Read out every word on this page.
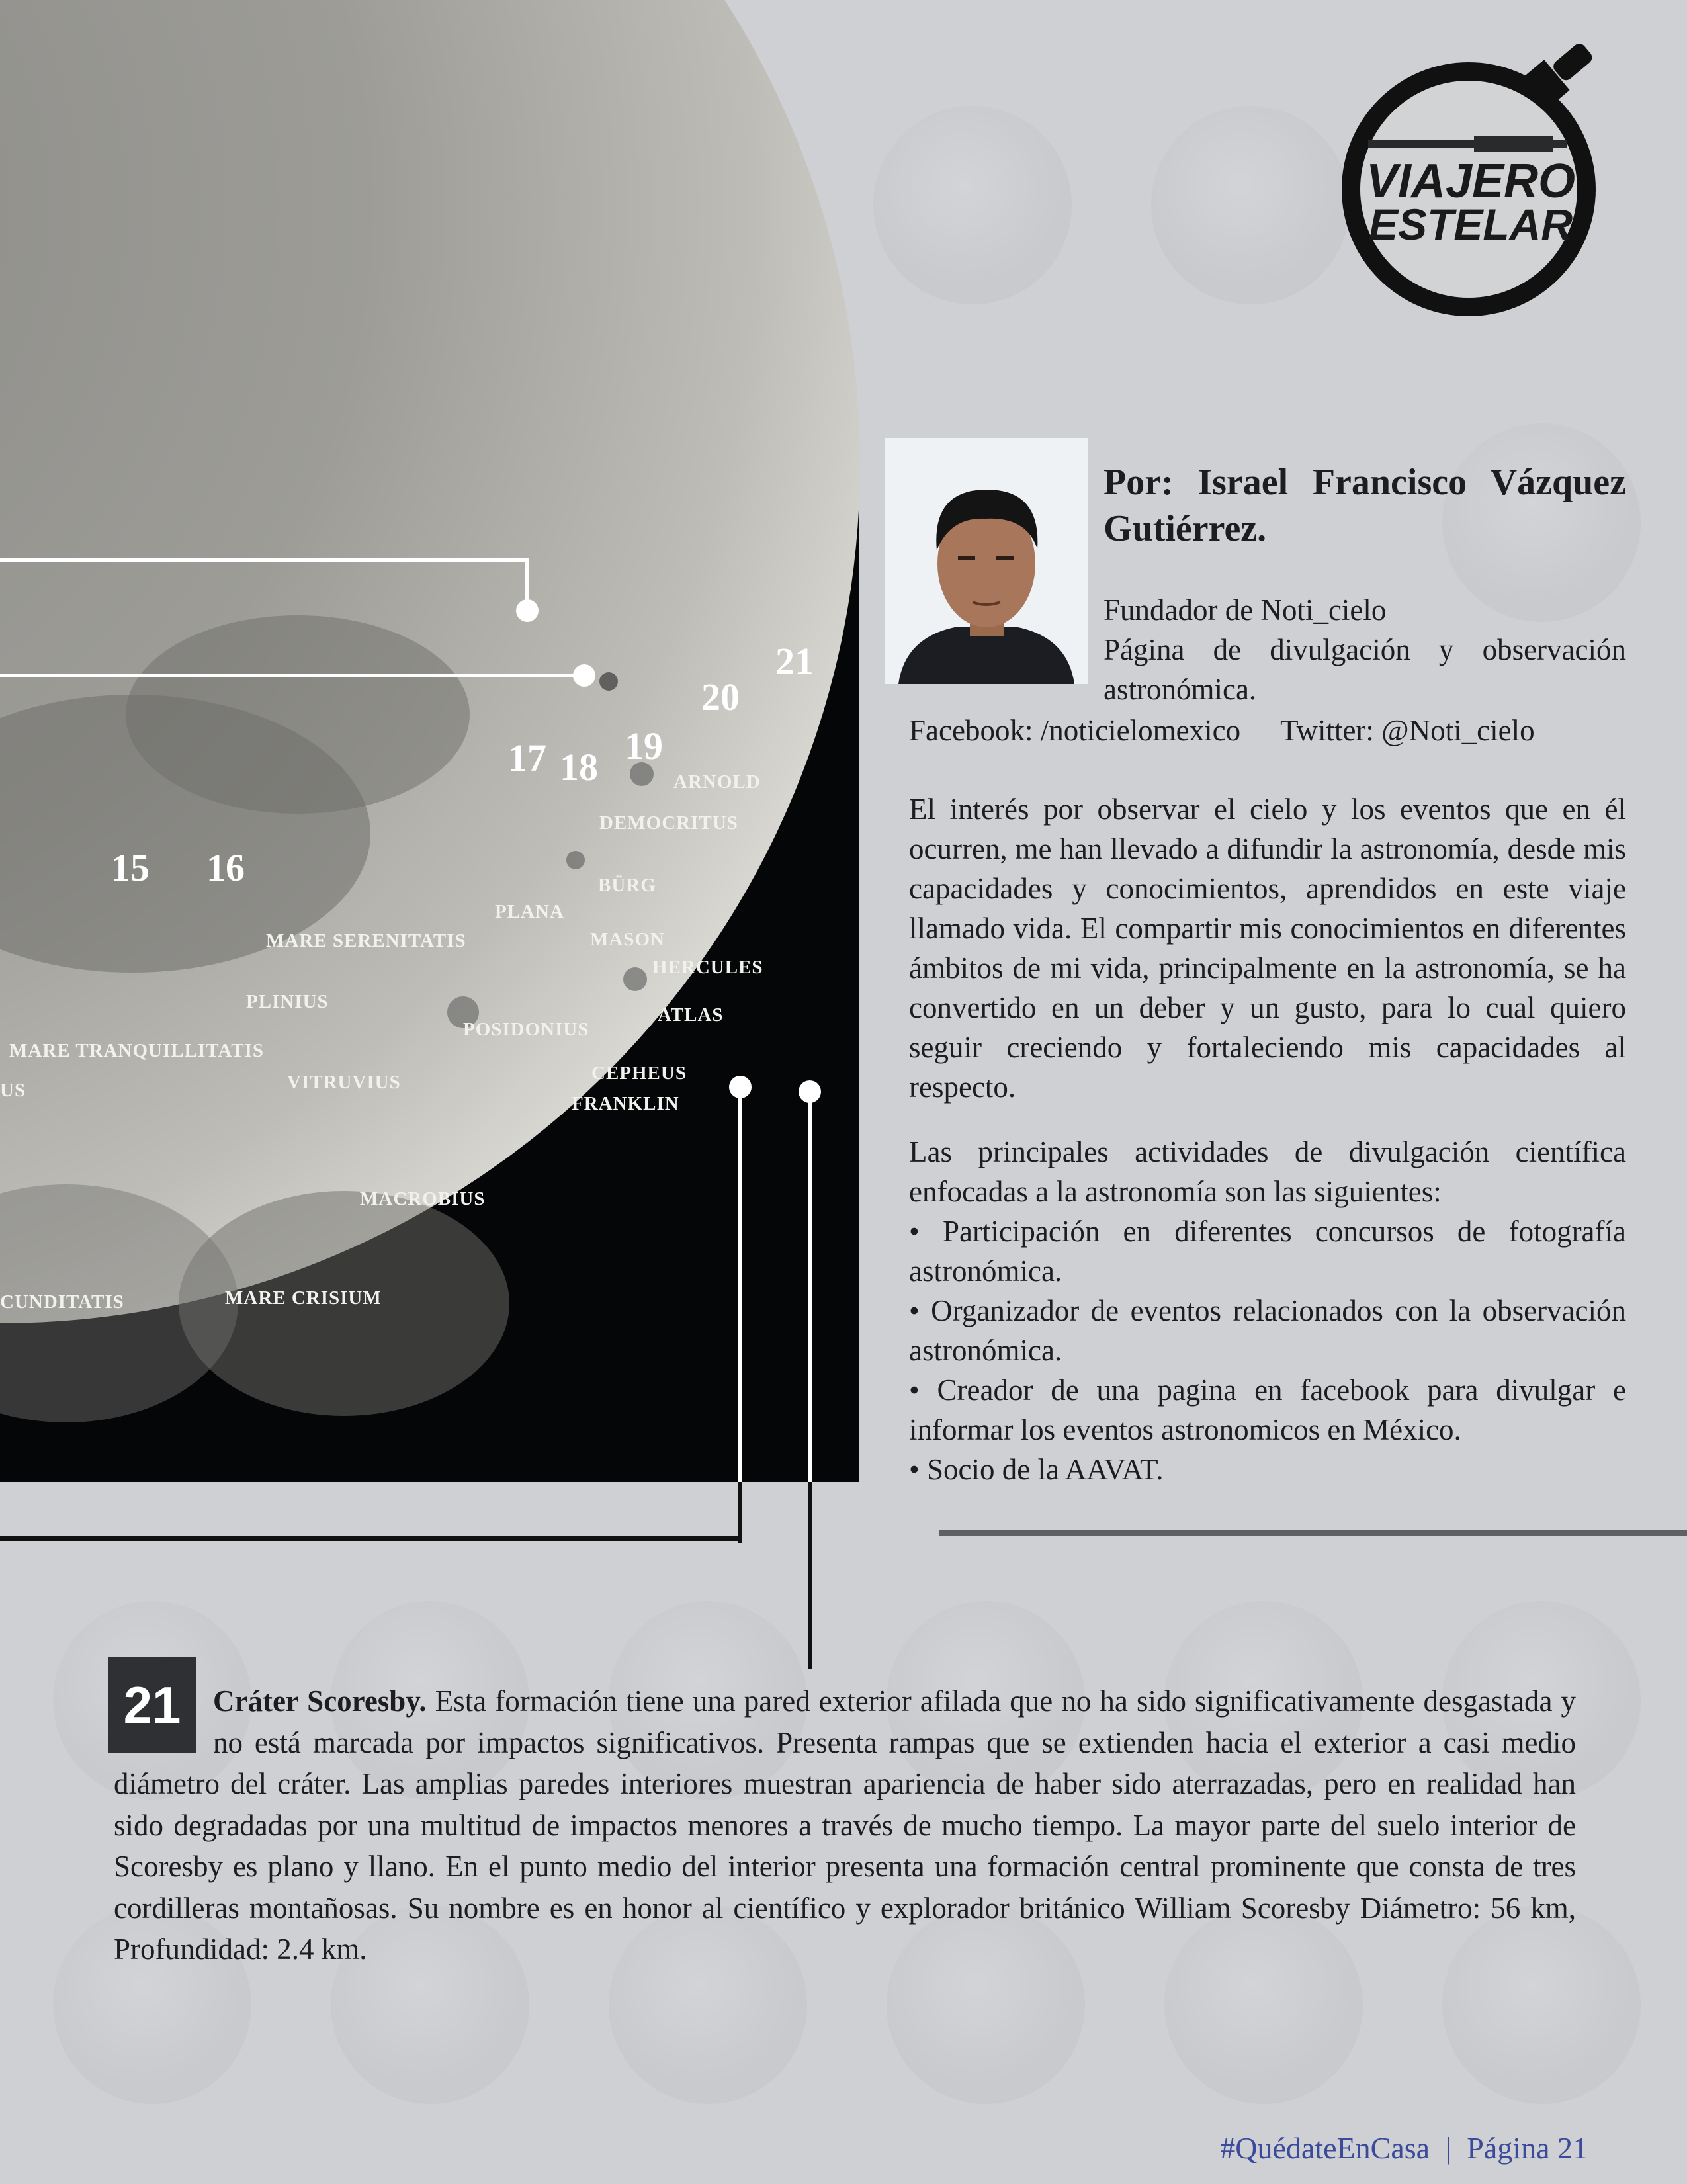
VIAJERO
ESTELAR
15 16
17 18 19
20
21
ARNOLD
DEMOCRITUS
BÜRG
PLANA
MARE SERENITATIS	MASON
HERCULES
PLINIUS
ATLAS
POSIDONIUS
MARE TRANQUILLITATIS
VITRUVIUS	CEPHEUS
FRANKLIN
US
MACROBIUS
CUNDITATIS	MARE CRISIUM
Por: Israel Francisco Vázquez
Gutiérrez.
Fundador de Noti_cielo
Página de divulgación y observación astronómica.
Facebook: /noticielomexico Twitter: @Noti_cielo
El interés por observar el cielo y los eventos que en él ocurren, me han llevado a difundir la astronomía, desde mis capacidades y conocimientos, aprendidos en este viaje llamado vida. El compartir mis conocimientos en diferentes ámbitos de mi vida, principalmente en la astronomía, se ha convertido en un deber y un gusto, para lo cual quiero seguir creciendo y fortaleciendo mis capacidades al respecto.
Las principales actividades de divulgación científica enfocadas a la astronomía son las siguientes:
• Participación en diferentes concursos de fotografía astronómica.
• Organizador de eventos relacionados con la observación astronómica.
• Creador de una pagina en facebook para divulgar e informar los eventos astronomicos en México.
• Socio de la AAVAT.
21	Cráter Scoresby. Esta formación tiene una pared exterior afilada que no ha sido significativamente desgastada y no está marcada por impactos significativos. Presenta rampas que se extienden hacia el exterior a casi medio diámetro del cráter. Las amplias paredes interiores muestran apariencia de haber sido aterrazadas, pero en realidad han sido degradadas por una multitud de impactos menores a través de mucho tiempo. La mayor parte del suelo interior de Scoresby es plano y llano. En el punto medio del interior presenta una formación central prominente que consta de tres cordilleras montañosas. Su nombre es en honor al científico y explorador británico William Scoresby Diámetro: 56 km, Profundidad: 2.4 km.
#QuédateEnCasa | Página 21
